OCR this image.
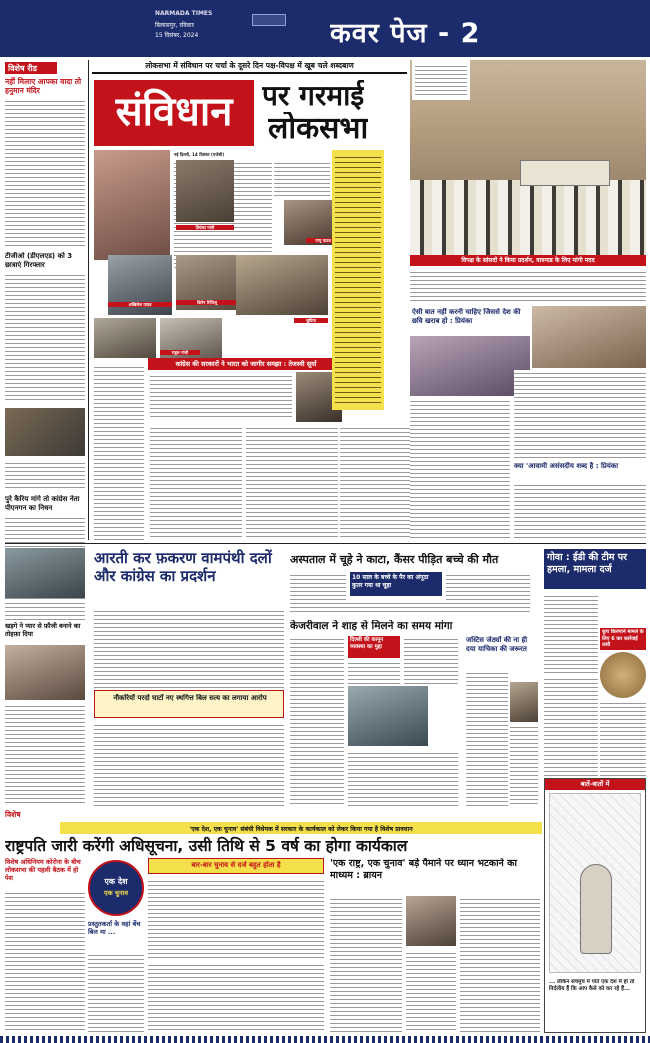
NARMADA TIMES
बिलासपुर, रविवार
15 दिसंबर, 2024	कवर पेज - 2
विशेष रीड
नहीं मिलाए आपका वादा तो हनुमान मंदिर
टीजीओ (डीएलएड) को 3 छात्राएं गिरफ्तार
पुरे कैरिय मांगे तो कांग्रेस नेता पीएनगन का निधन
लोकसभा में संविधान पर चर्चा के दूसरे दिन पक्ष-विपक्ष में खूब चले शब्दबाण
संविधान	पर गरमाई
लोकसभा
नई दिल्ली, 14 दिसंबर (एजेंसी)
प्रियंका गांधी
अखिलेश यादव	किरेन रिजिजू
राहुल गांधी
पप्पू यादव
सुप्रिया
कांग्रेस की सरकारों ने भारत को जागीर समझा : तेजस्वी सूर्या
विपक्ष के सांसदों ने किया प्रदर्शन, वायनाड के लिए मांगी मदद
ऐसी बात नहीं करनी चाहिए जिससे देश की छवि खराब हो : प्रियंका
क्या 'आवामी असंसदीय शब्द है : प्रियंका
खड़गे ने प्यार से फ़ौजी बनाने का तोहफ़ा दिया
आरती कर फ़करण वामपंथी दलों और कांग्रेस का प्रदर्शन
नौकरियों परदो घाटों नए स्थगित्त बिल सत्य का लगाया आरोप
अस्पताल में चूहे ने काटा, कैंसर पीड़ित बच्चे की मौत
10 साल के बच्चे के पैर का अंगूठा कुतर गया था चूहा
केजरीवाल ने शाह से मिलने का समय मांगा
दिल्ली की कानून व्यवस्था का मुद्दा
जस्टिस जेठ्यों की ना ही दया याचिका की जरूरत
गोवा : ईडी की टीम पर हमला, मामला दर्ज
कूच किरणाने मामले के लिए 6 कर कार्रवाई जारी
बातें-बातों में
... लेकिन सचमुच में पति एक देश में हो तो निर्दलीय हैं कि आप कैसे को कर रहे हैं...
विशेष
'एक देश, एक चुनाव' संबंधी विधेयक में सरकार के कार्यकाल को लेकर किया गया है विशेष प्रावधान
राष्ट्रपति जारी करेंगी अधिसूचना, उसी तिथि से 5 वर्ष का होगा कार्यकाल
विशेष अधिनियम कोरोना के बीच लोकसभा की पहली बैठक में हो पेश	एक देश
एक चुनाव
प्रस्तुतकर्ता के वहां बेंच बिल मा ...
बार-बार चुनाव से दर्ज बहुत होता है	'एक राष्ट्र, एक चुनाव' बड़े पैमाने पर ध्यान भटकाने का माध्यम : ब्रायन
